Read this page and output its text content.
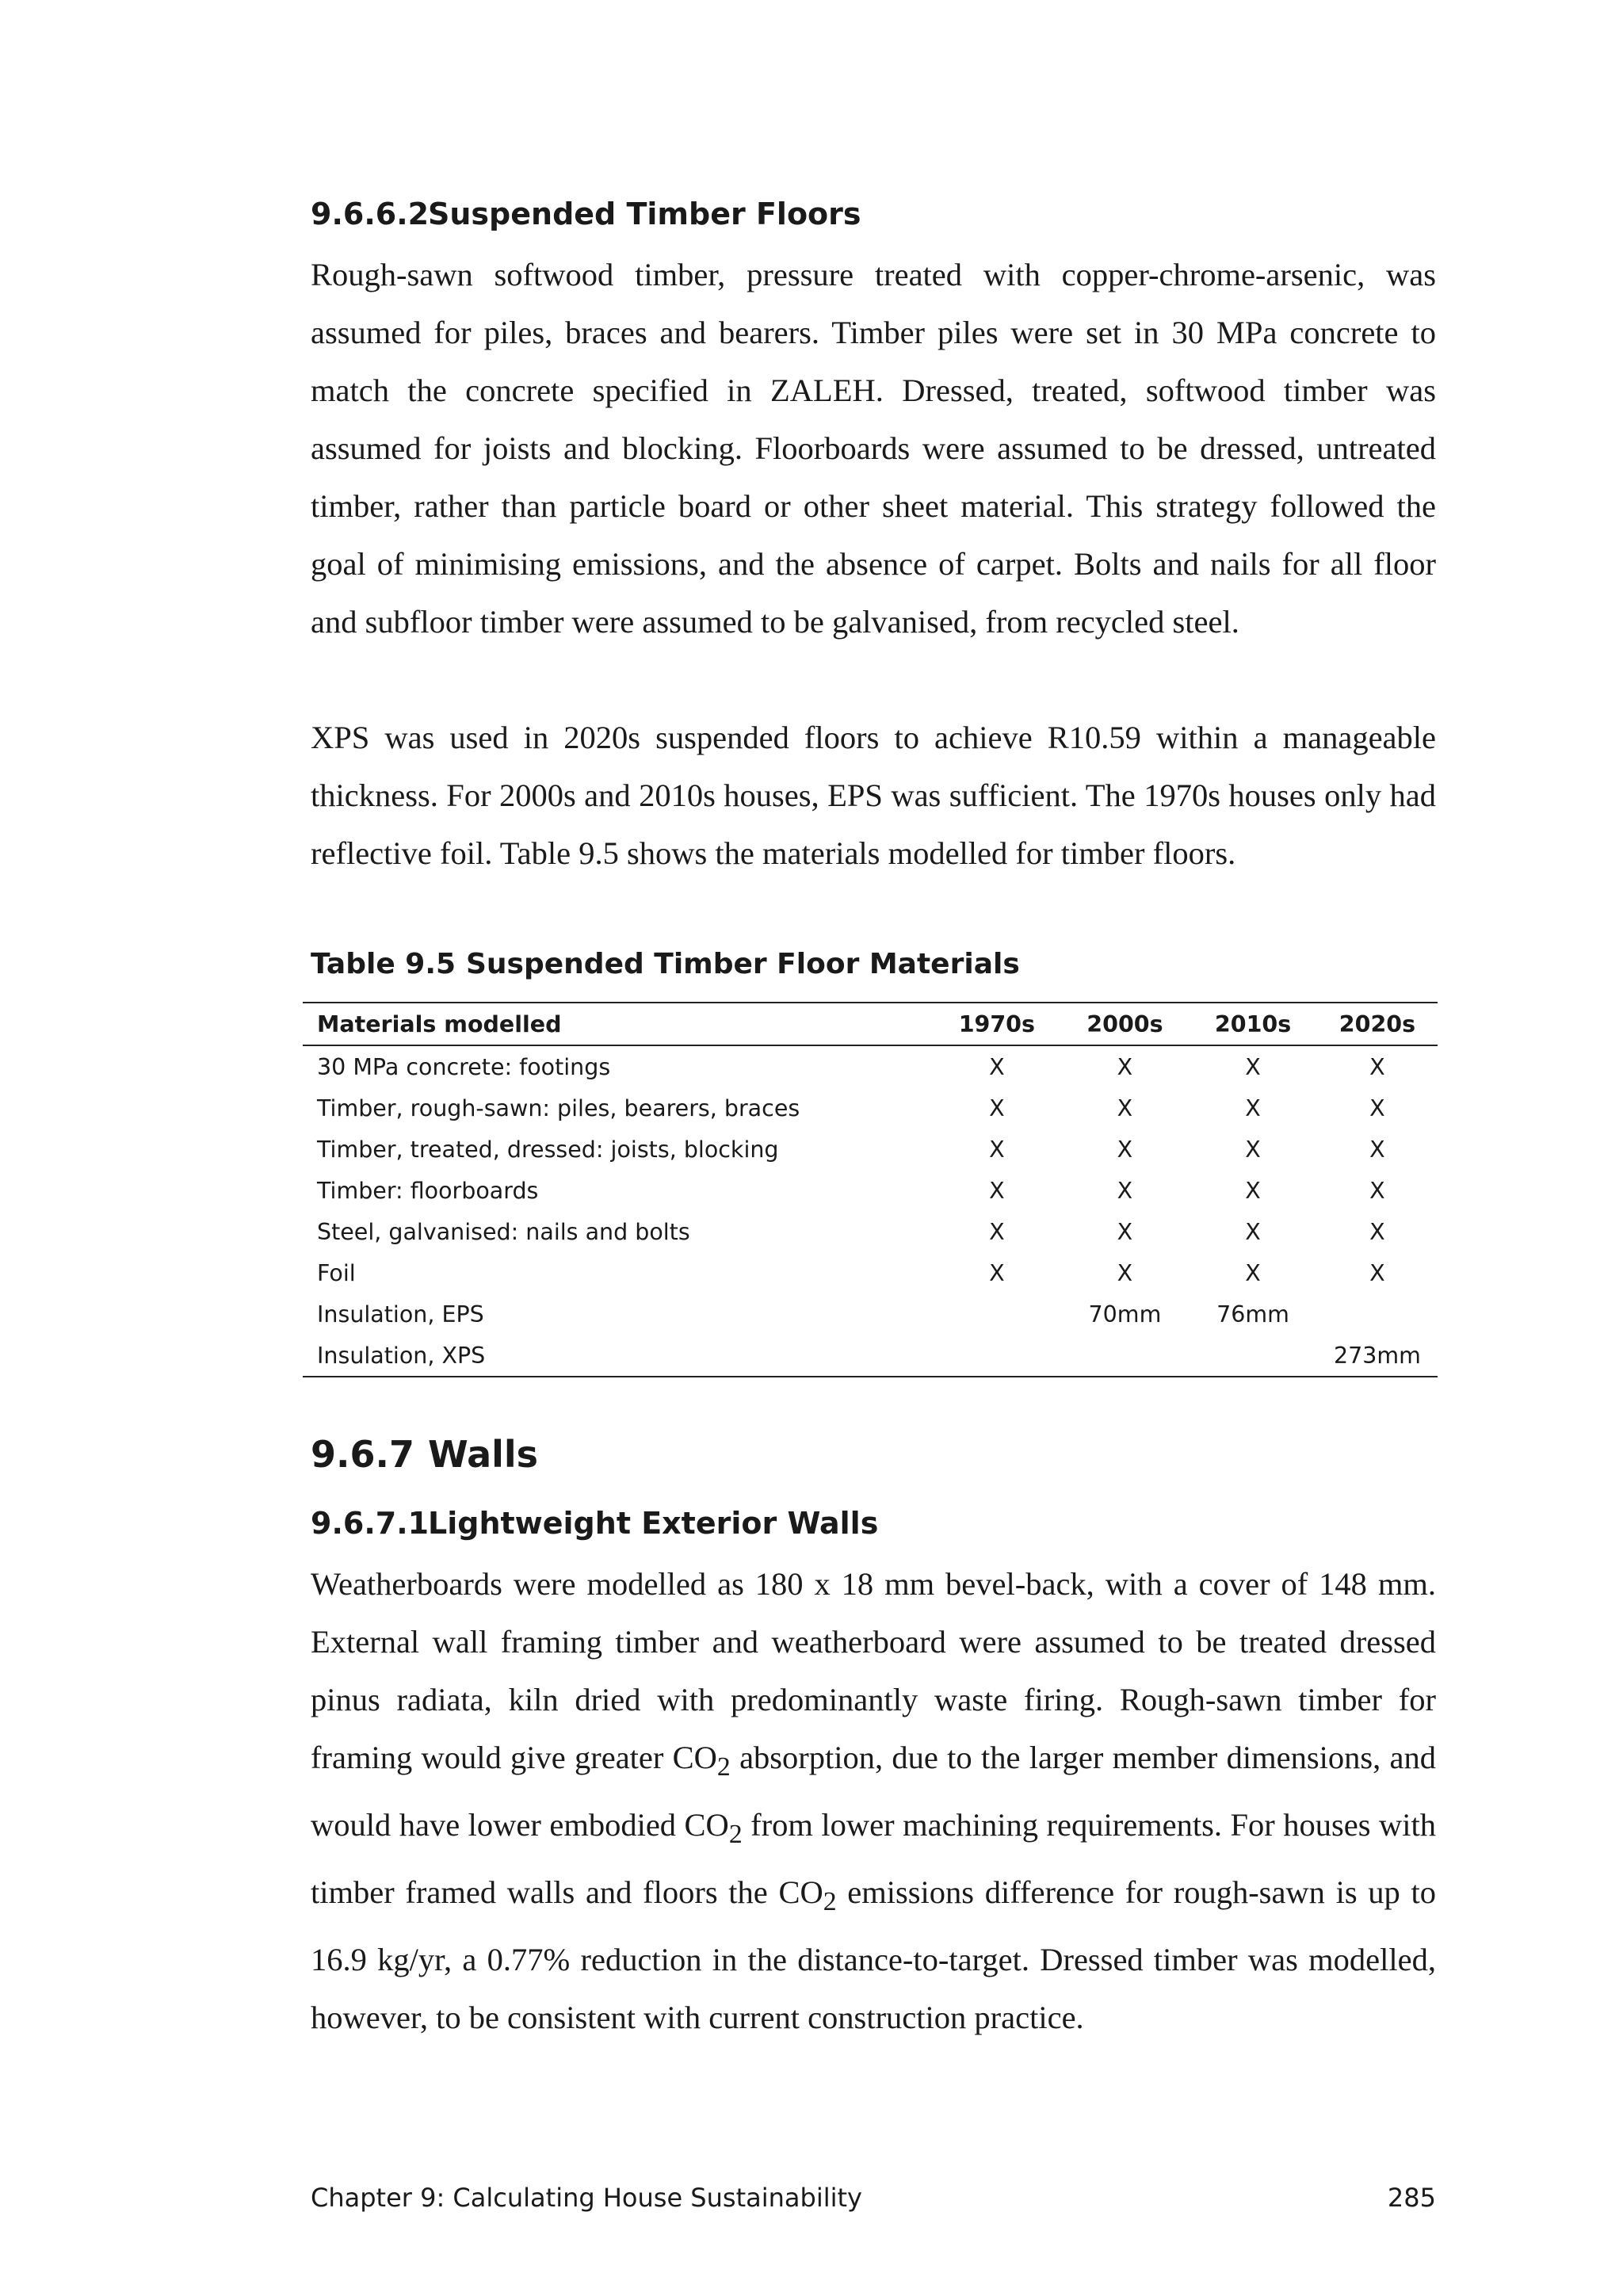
9.6.6.2Suspended Timber Floors

Rough-sawn softwood timber, pressure treated with copper-chrome-arsenic, was assumed for piles, braces and bearers. Timber piles were set in 30 MPa concrete to match the concrete specified in ZALEH. Dressed, treated, softwood timber was assumed for joists and blocking. Floorboards were assumed to be dressed, untreated timber, rather than particle board or other sheet material. This strategy followed the goal of minimising emissions, and the absence of carpet. Bolts and nails for all floor and subfloor timber were assumed to be galvanised, from recycled steel.

XPS was used in 2020s suspended floors to achieve R10.59 within a manageable thickness. For 2000s and 2010s houses, EPS was sufficient. The 1970s houses only had reflective foil. Table 9.5 shows the materials modelled for timber floors.

Table 9.5 Suspended Timber Floor Materials

Materials modelled	1970s	2000s	2010s	2020s
30 MPa concrete: footings	X	X	X	X
Timber, rough-sawn: piles, bearers, braces	X	X	X	X
Timber, treated, dressed: joists, blocking	X	X	X	X
Timber: floorboards	X	X	X	X
Steel, galvanised: nails and bolts	X	X	X	X
Foil	X	X	X	X
Insulation, EPS		70mm	76mm	
Insulation, XPS				273mm
9.6.7 Walls
9.6.7.1Lightweight Exterior Walls

Weatherboards were modelled as 180 x 18 mm bevel-back, with a cover of 148 mm. External wall framing timber and weatherboard were assumed to be treated dressed pinus radiata, kiln dried with predominantly waste firing. Rough-sawn timber for framing would give greater $CO_2$ absorption, due to the larger member dimensions, and would have lower embodied $CO_2$ from lower machining requirements. For houses with timber framed walls and floors the $CO_2$ emissions difference for rough-sawn is up to 16.9 kg/yr, a 0.77% reduction in the distance-to-target. Dressed timber was modelled, however, to be consistent with current construction practice.

Chapter 9: Calculating House Sustainability	285
